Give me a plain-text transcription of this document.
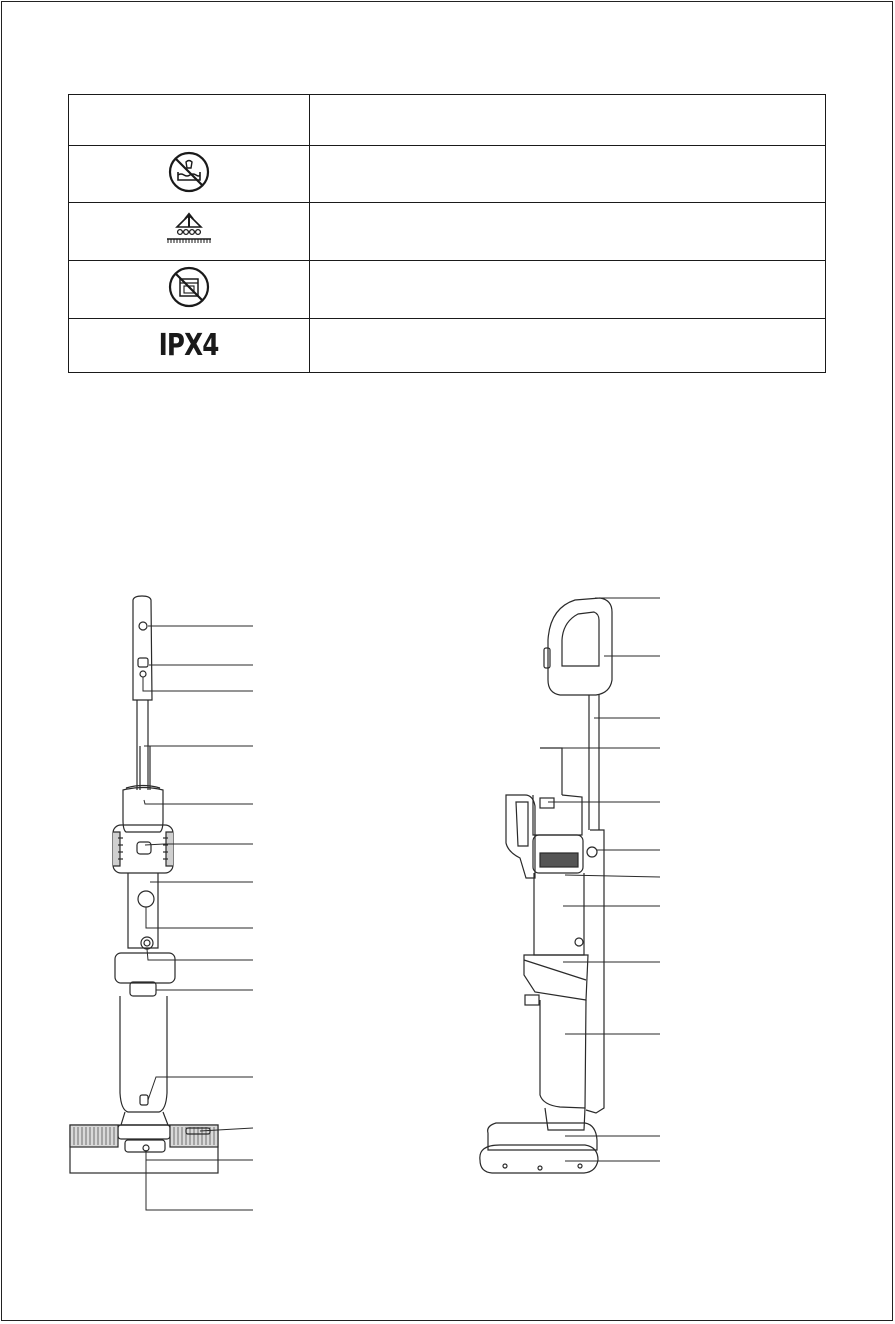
IPX4	
